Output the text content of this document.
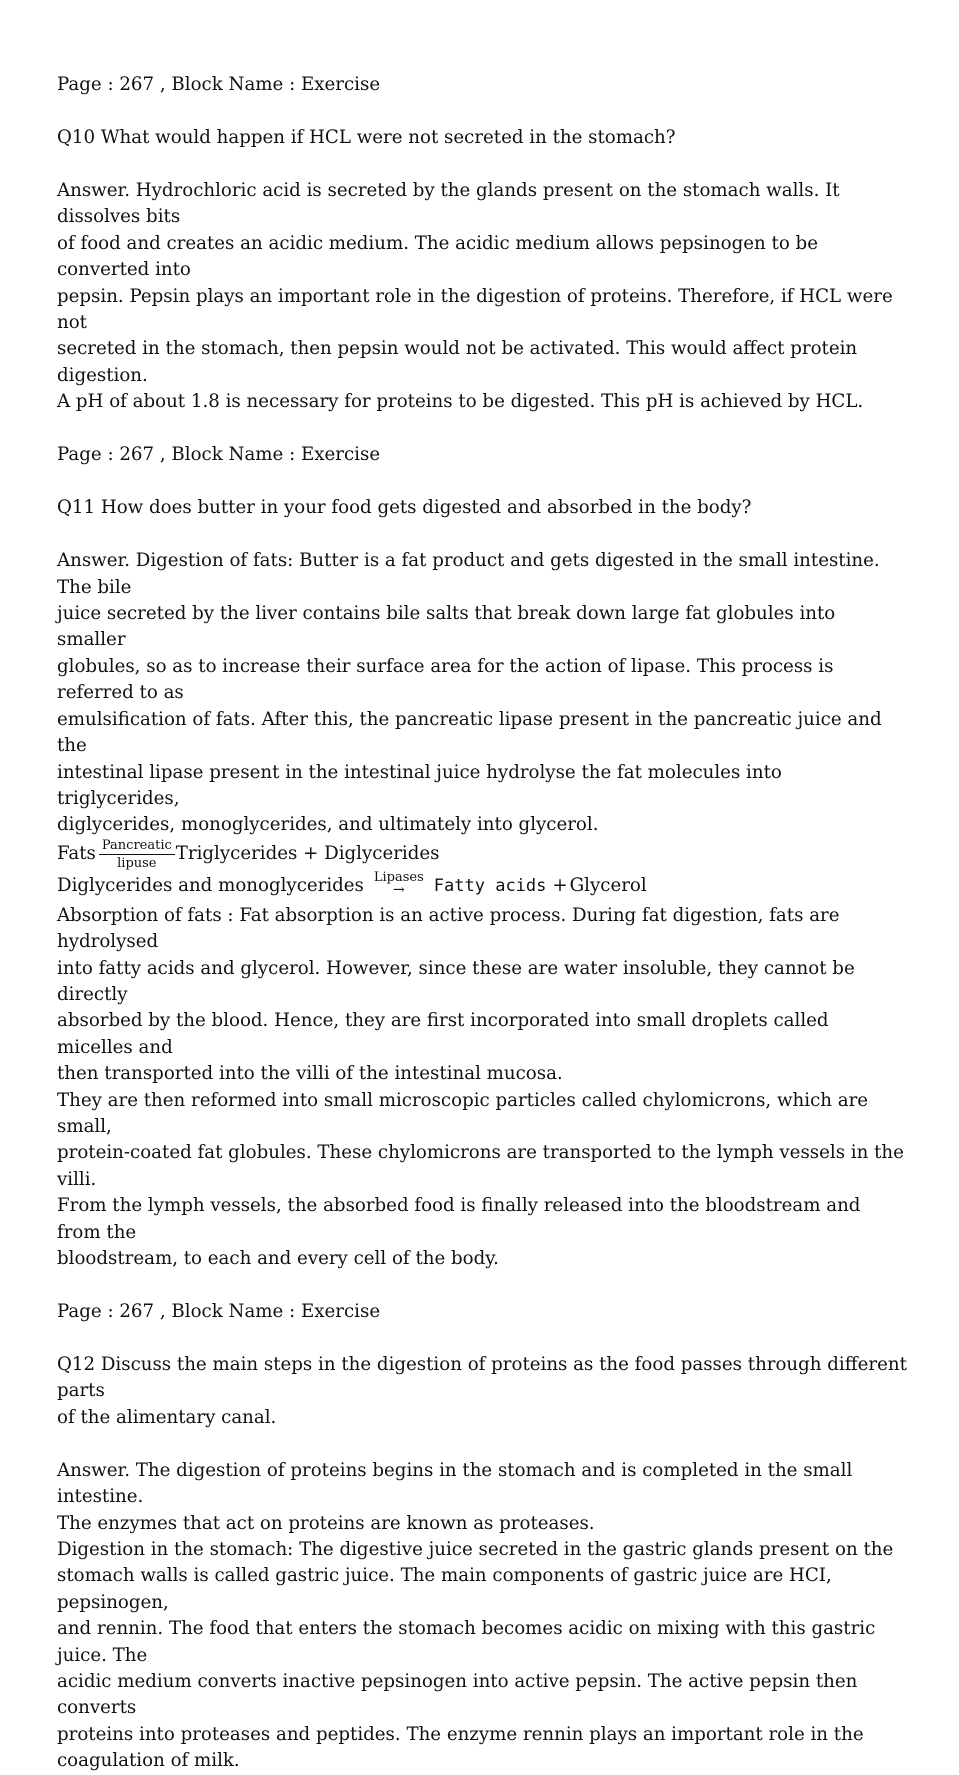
Page : 267 , Block Name : Exercise
Q10 What would happen if HCL were not secreted in the stomach?
Answer. Hydrochloric acid is secreted by the glands present on the stomach walls. It dissolves bits
of food and creates an acidic medium. The acidic medium allows pepsinogen to be converted into
pepsin. Pepsin plays an important role in the digestion of proteins. Therefore, if HCL were not
secreted in the stomach, then pepsin would not be activated. This would affect protein digestion.
A pH of about 1.8 is necessary for proteins to be digested. This pH is achieved by HCL.
Page : 267 , Block Name : Exercise
Q11 How does butter in your food gets digested and absorbed in the body?
Answer. Digestion of fats: Butter is a fat product and gets digested in the small intestine. The bile
juice secreted by the liver contains bile salts that break down large fat globules into smaller
globules, so as to increase their surface area for the action of lipase. This process is referred to as
emulsification of fats. After this, the pancreatic lipase present in the pancreatic juice and the
intestinal lipase present in the intestinal juice hydrolyse the fat molecules into triglycerides,
diglycerides, monoglycerides, and ultimately into glycerol.
Fats $\frac{\text{Pancreatic}}{\text{lipuse}}$ Triglycerides + Diglycerides
Diglycerides and monoglycerides Lipases
→ Fatty acids + Glycerol
Absorption of fats : Fat absorption is an active process. During fat digestion, fats are hydrolysed
into fatty acids and glycerol. However, since these are water insoluble, they cannot be directly
absorbed by the blood. Hence, they are first incorporated into small droplets called micelles and
then transported into the villi of the intestinal mucosa.
They are then reformed into small microscopic particles called chylomicrons, which are small,
protein-coated fat globules. These chylomicrons are transported to the lymph vessels in the villi.
From the lymph vessels, the absorbed food is finally released into the bloodstream and from the
bloodstream, to each and every cell of the body.
Page : 267 , Block Name : Exercise
Q12 Discuss the main steps in the digestion of proteins as the food passes through different parts
of the alimentary canal.
Answer. The digestion of proteins begins in the stomach and is completed in the small intestine.
The enzymes that act on proteins are known as proteases.
Digestion in the stomach: The digestive juice secreted in the gastric glands present on the
stomach walls is called gastric juice. The main components of gastric juice are HCI, pepsinogen,
and rennin. The food that enters the stomach becomes acidic on mixing with this gastric juice. The
acidic medium converts inactive pepsinogen into active pepsin. The active pepsin then converts
proteins into proteases and peptides. The enzyme rennin plays an important role in the
coagulation of milk.
